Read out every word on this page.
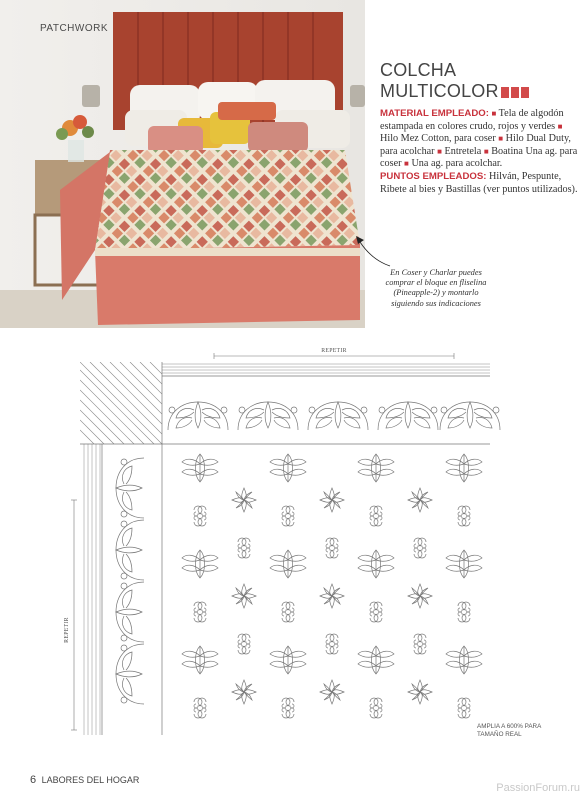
PATCHWORK
COLCHA
MULTICOLOR
MATERIAL EMPLEADO: ■ Tela de algodón estampada en colores crudo, rojos y verdes ■ Hilo Mez Cotton, para coser ■ Hilo Dual Duty, para acolchar ■ Entretela ■ Boatina Una ag. para coser ■ Una ag. para acolchar.
PUNTOS EMPLEADOS: Hilván, Pespunte, Ribete al bies y Bastillas (ver puntos utilizados).
En Coser y Charlar puedes comprar el bloque en fliselina (Pineapple-2) y montarlo siguiendo sus indicaciones
REPETIR
REPETIR
AMPLIA A 600% PARA TAMAÑO REAL
6 LABORES DEL HOGAR
PassionForum.ru
